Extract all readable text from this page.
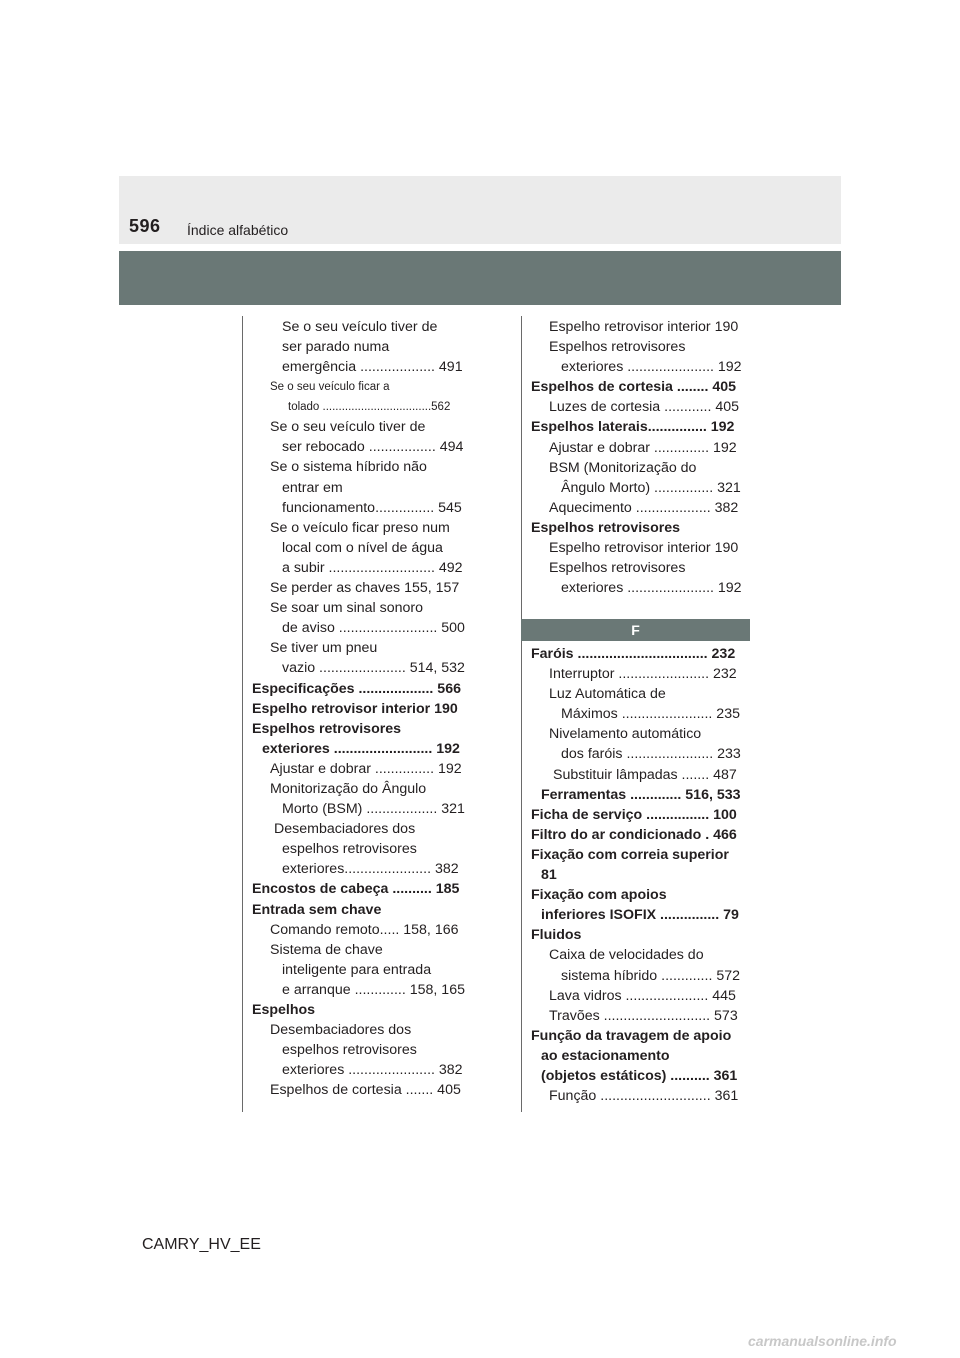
596 Índice alfabético
Se o seu veículo tiver de
ser parado numa
emergência ................... 491
Se o seu veículo ficar a
tolado ..................................562
Se o seu veículo tiver de
ser rebocado ................. 494
Se o sistema híbrido não
entrar em
funcionamento............... 545
Se o veículo ficar preso num
local com o nível de água
a subir ........................... 492
Se perder as chaves 155, 157
Se soar um sinal sonoro
de aviso ......................... 500
Se tiver um pneu
vazio ...................... 514, 532
Especificações ................... 566
Espelho retrovisor interior 190
Espelhos retrovisores
exteriores ......................... 192
Ajustar e dobrar ............... 192
Monitorização do Ângulo
Morto (BSM) .................. 321
Desembaciadores dos
espelhos retrovisores
exteriores...................... 382
Encostos de cabeça .......... 185
Entrada sem chave
Comando remoto..... 158, 166
Sistema de chave
inteligente para entrada
e arranque ............. 158, 165
Espelhos
Desembaciadores dos
espelhos retrovisores
exteriores ...................... 382
Espelhos de cortesia ....... 405
Espelho retrovisor interior 190
Espelhos retrovisores
exteriores ...................... 192
Espelhos de cortesia ........ 405
Luzes de cortesia ............ 405
Espelhos laterais............... 192
Ajustar e dobrar .............. 192
BSM (Monitorização do
Ângulo Morto) ............... 321
Aquecimento ................... 382
Espelhos retrovisores
Espelho retrovisor interior 190
Espelhos retrovisores
exteriores ...................... 192
F
Faróis ................................. 232
Interruptor ....................... 232
Luz Automática de
Máximos ....................... 235
Nivelamento automático
dos faróis ...................... 233
Substituir lâmpadas ....... 487
Ferramentas ............. 516, 533
Ficha de serviço ................ 100
Filtro do ar condicionado . 466
Fixação com correia superior
81
Fixação com apoios
inferiores ISOFIX ............... 79
Fluidos
Caixa de velocidades do
sistema híbrido ............. 572
Lava vidros ..................... 445
Travões ........................... 573
Função da travagem de apoio
ao estacionamento
(objetos estáticos) .......... 361
Função ............................ 361
CAMRY_HV_EE
carmanualsonline.info
